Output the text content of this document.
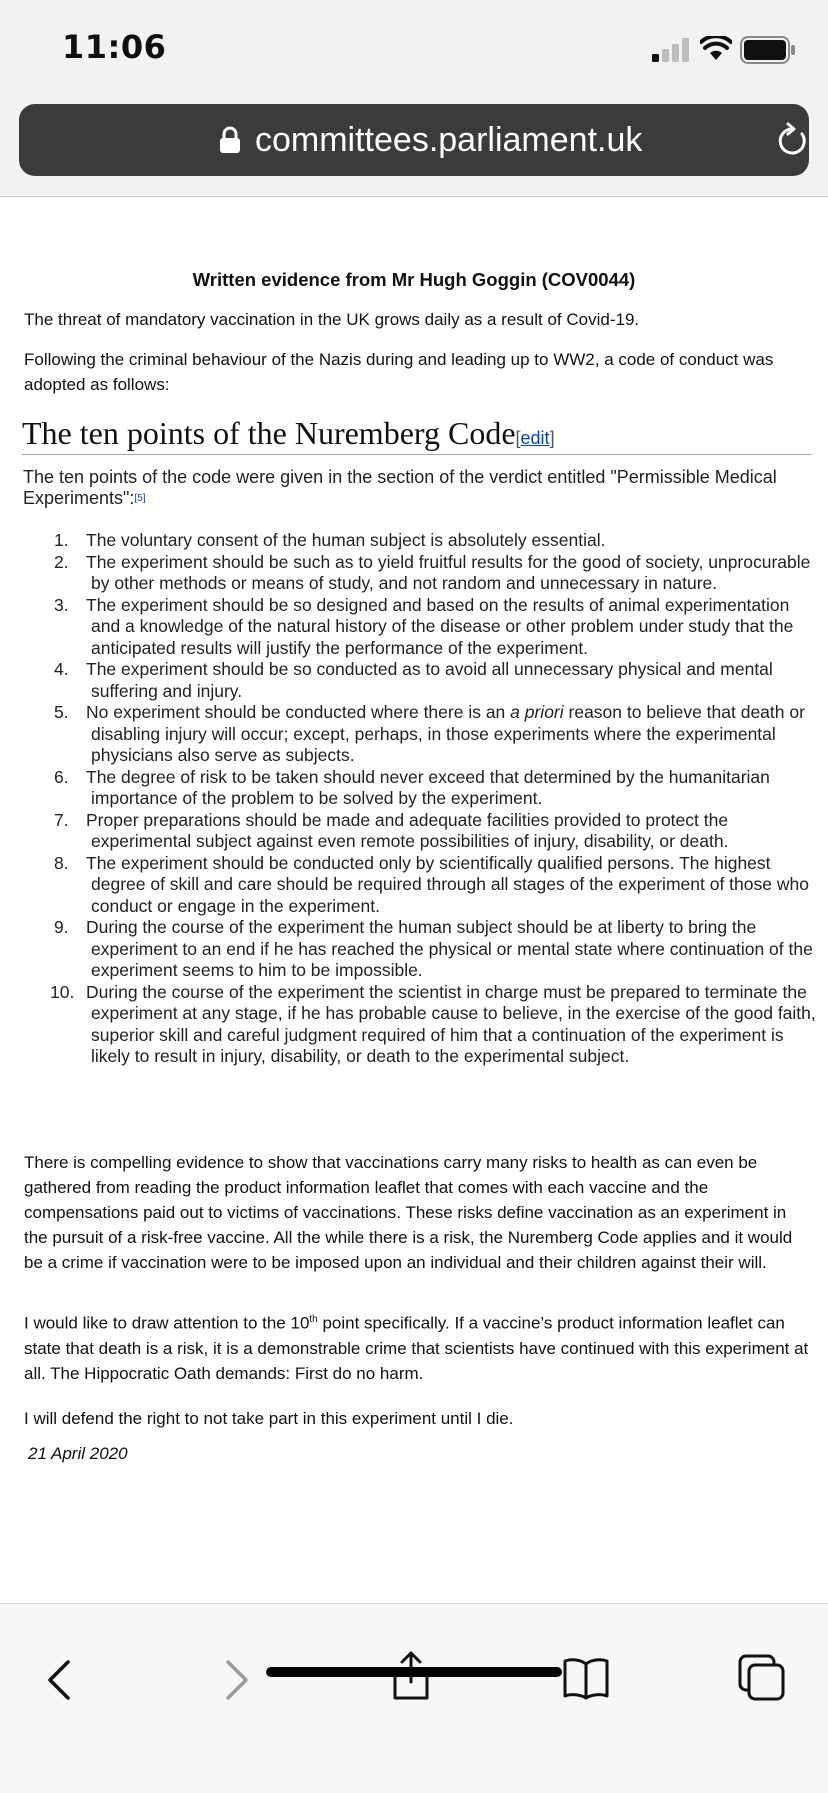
11:06
committees.parliament.uk
Written evidence from Mr Hugh Goggin (COV0044)
The threat of mandatory vaccination in the UK grows daily as a result of Covid-19.
Following the criminal behaviour of the Nazis during and leading up to WW2, a code of conduct was adopted as follows:
The ten points of the Nuremberg Code[edit]
The ten points of the code were given in the section of the verdict entitled "Permissible Medical Experiments":[5]
1. The voluntary consent of the human subject is absolutely essential.
2. The experiment should be such as to yield fruitful results for the good of society, unprocurable by other methods or means of study, and not random and unnecessary in nature.
3. The experiment should be so designed and based on the results of animal experimentation and a knowledge of the natural history of the disease or other problem under study that the anticipated results will justify the performance of the experiment.
4. The experiment should be so conducted as to avoid all unnecessary physical and mental suffering and injury.
5. No experiment should be conducted where there is an a priori reason to believe that death or disabling injury will occur; except, perhaps, in those experiments where the experimental physicians also serve as subjects.
6. The degree of risk to be taken should never exceed that determined by the humanitarian importance of the problem to be solved by the experiment.
7. Proper preparations should be made and adequate facilities provided to protect the experimental subject against even remote possibilities of injury, disability, or death.
8. The experiment should be conducted only by scientifically qualified persons. The highest degree of skill and care should be required through all stages of the experiment of those who conduct or engage in the experiment.
9. During the course of the experiment the human subject should be at liberty to bring the experiment to an end if he has reached the physical or mental state where continuation of the experiment seems to him to be impossible.
10. During the course of the experiment the scientist in charge must be prepared to terminate the experiment at any stage, if he has probable cause to believe, in the exercise of the good faith, superior skill and careful judgment required of him that a continuation of the experiment is likely to result in injury, disability, or death to the experimental subject.
There is compelling evidence to show that vaccinations carry many risks to health as can even be gathered from reading the product information leaflet that comes with each vaccine and the compensations paid out to victims of vaccinations. These risks define vaccination as an experiment in the pursuit of a risk-free vaccine. All the while there is a risk, the Nuremberg Code applies and it would be a crime if vaccination were to be imposed upon an individual and their children against their will.
I would like to draw attention to the 10th point specifically. If a vaccine’s product information leaflet can state that death is a risk, it is a demonstrable crime that scientists have continued with this experiment at all. The Hippocratic Oath demands: First do no harm.
I will defend the right to not take part in this experiment until I die.
21 April 2020
